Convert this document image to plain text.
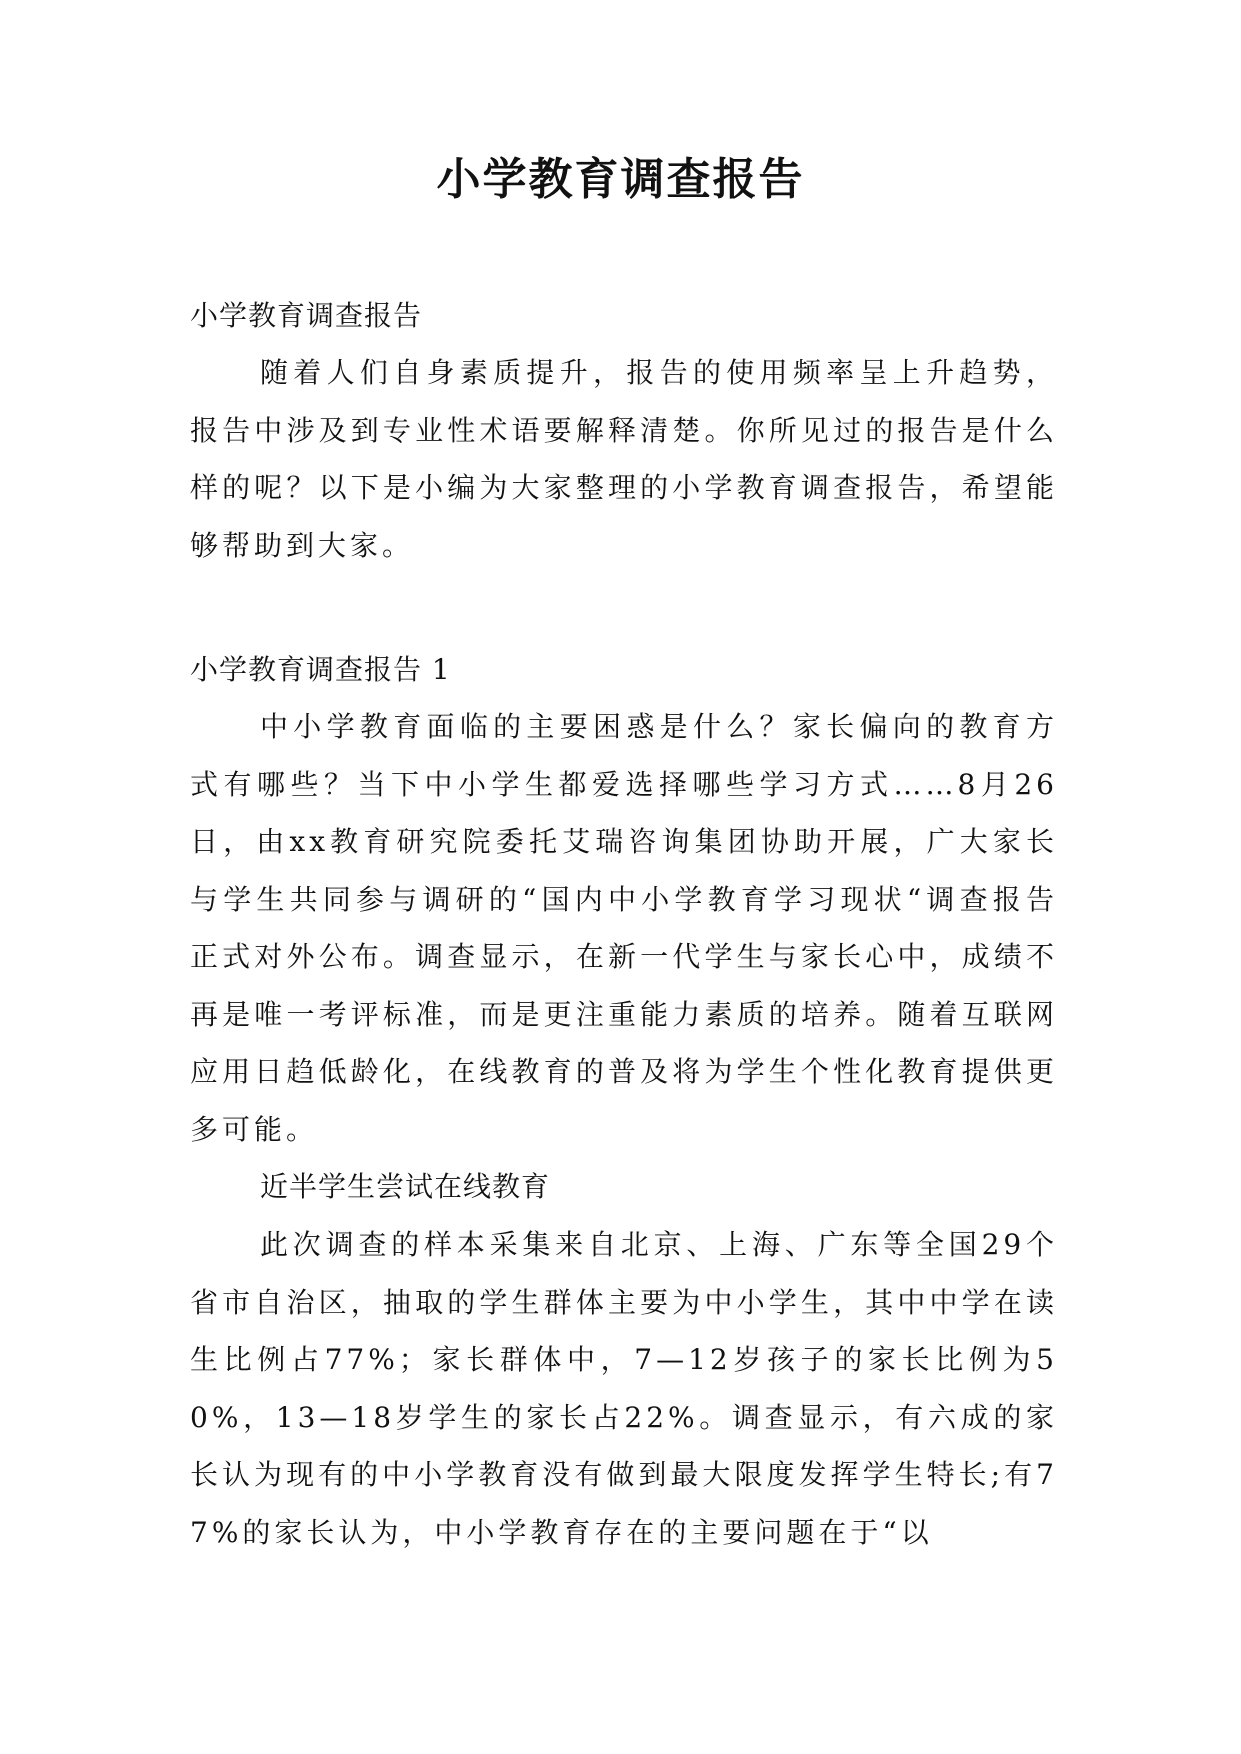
小学教育调查报告

小学教育调查报告

随着人们自身素质提升，报告的使用频率呈上升趋势，报告中涉及到专业性术语要解释清楚。你所见过的报告是什么样的呢？以下是小编为大家整理的小学教育调查报告，希望能够帮助到大家。

小学教育调查报告 1

中小学教育面临的主要困惑是什么？家长偏向的教育方式有哪些？当下中小学生都爱选择哪些学习方式……8月26日，由xx教育研究院委托艾瑞咨询集团协助开展，广大家长与学生共同参与调研的“国内中小学教育学习现状“调查报告正式对外公布。调查显示，在新一代学生与家长心中，成绩不再是唯一考评标准，而是更注重能力素质的培养。随着互联网应用日趋低龄化，在线教育的普及将为学生个性化教育提供更多可能。

近半学生尝试在线教育

此次调查的样本采集来自北京、上海、广东等全国29个省市自治区，抽取的学生群体主要为中小学生，其中中学在读生比例占77%；家长群体中，7—12岁孩子的家长比例为50%，13—18岁学生的家长占22%。调查显示，有六成的家长认为现有的中小学教育没有做到最大限度发挥学生特长;有77%的家长认为，中小学教育存在的主要问题在于“以
